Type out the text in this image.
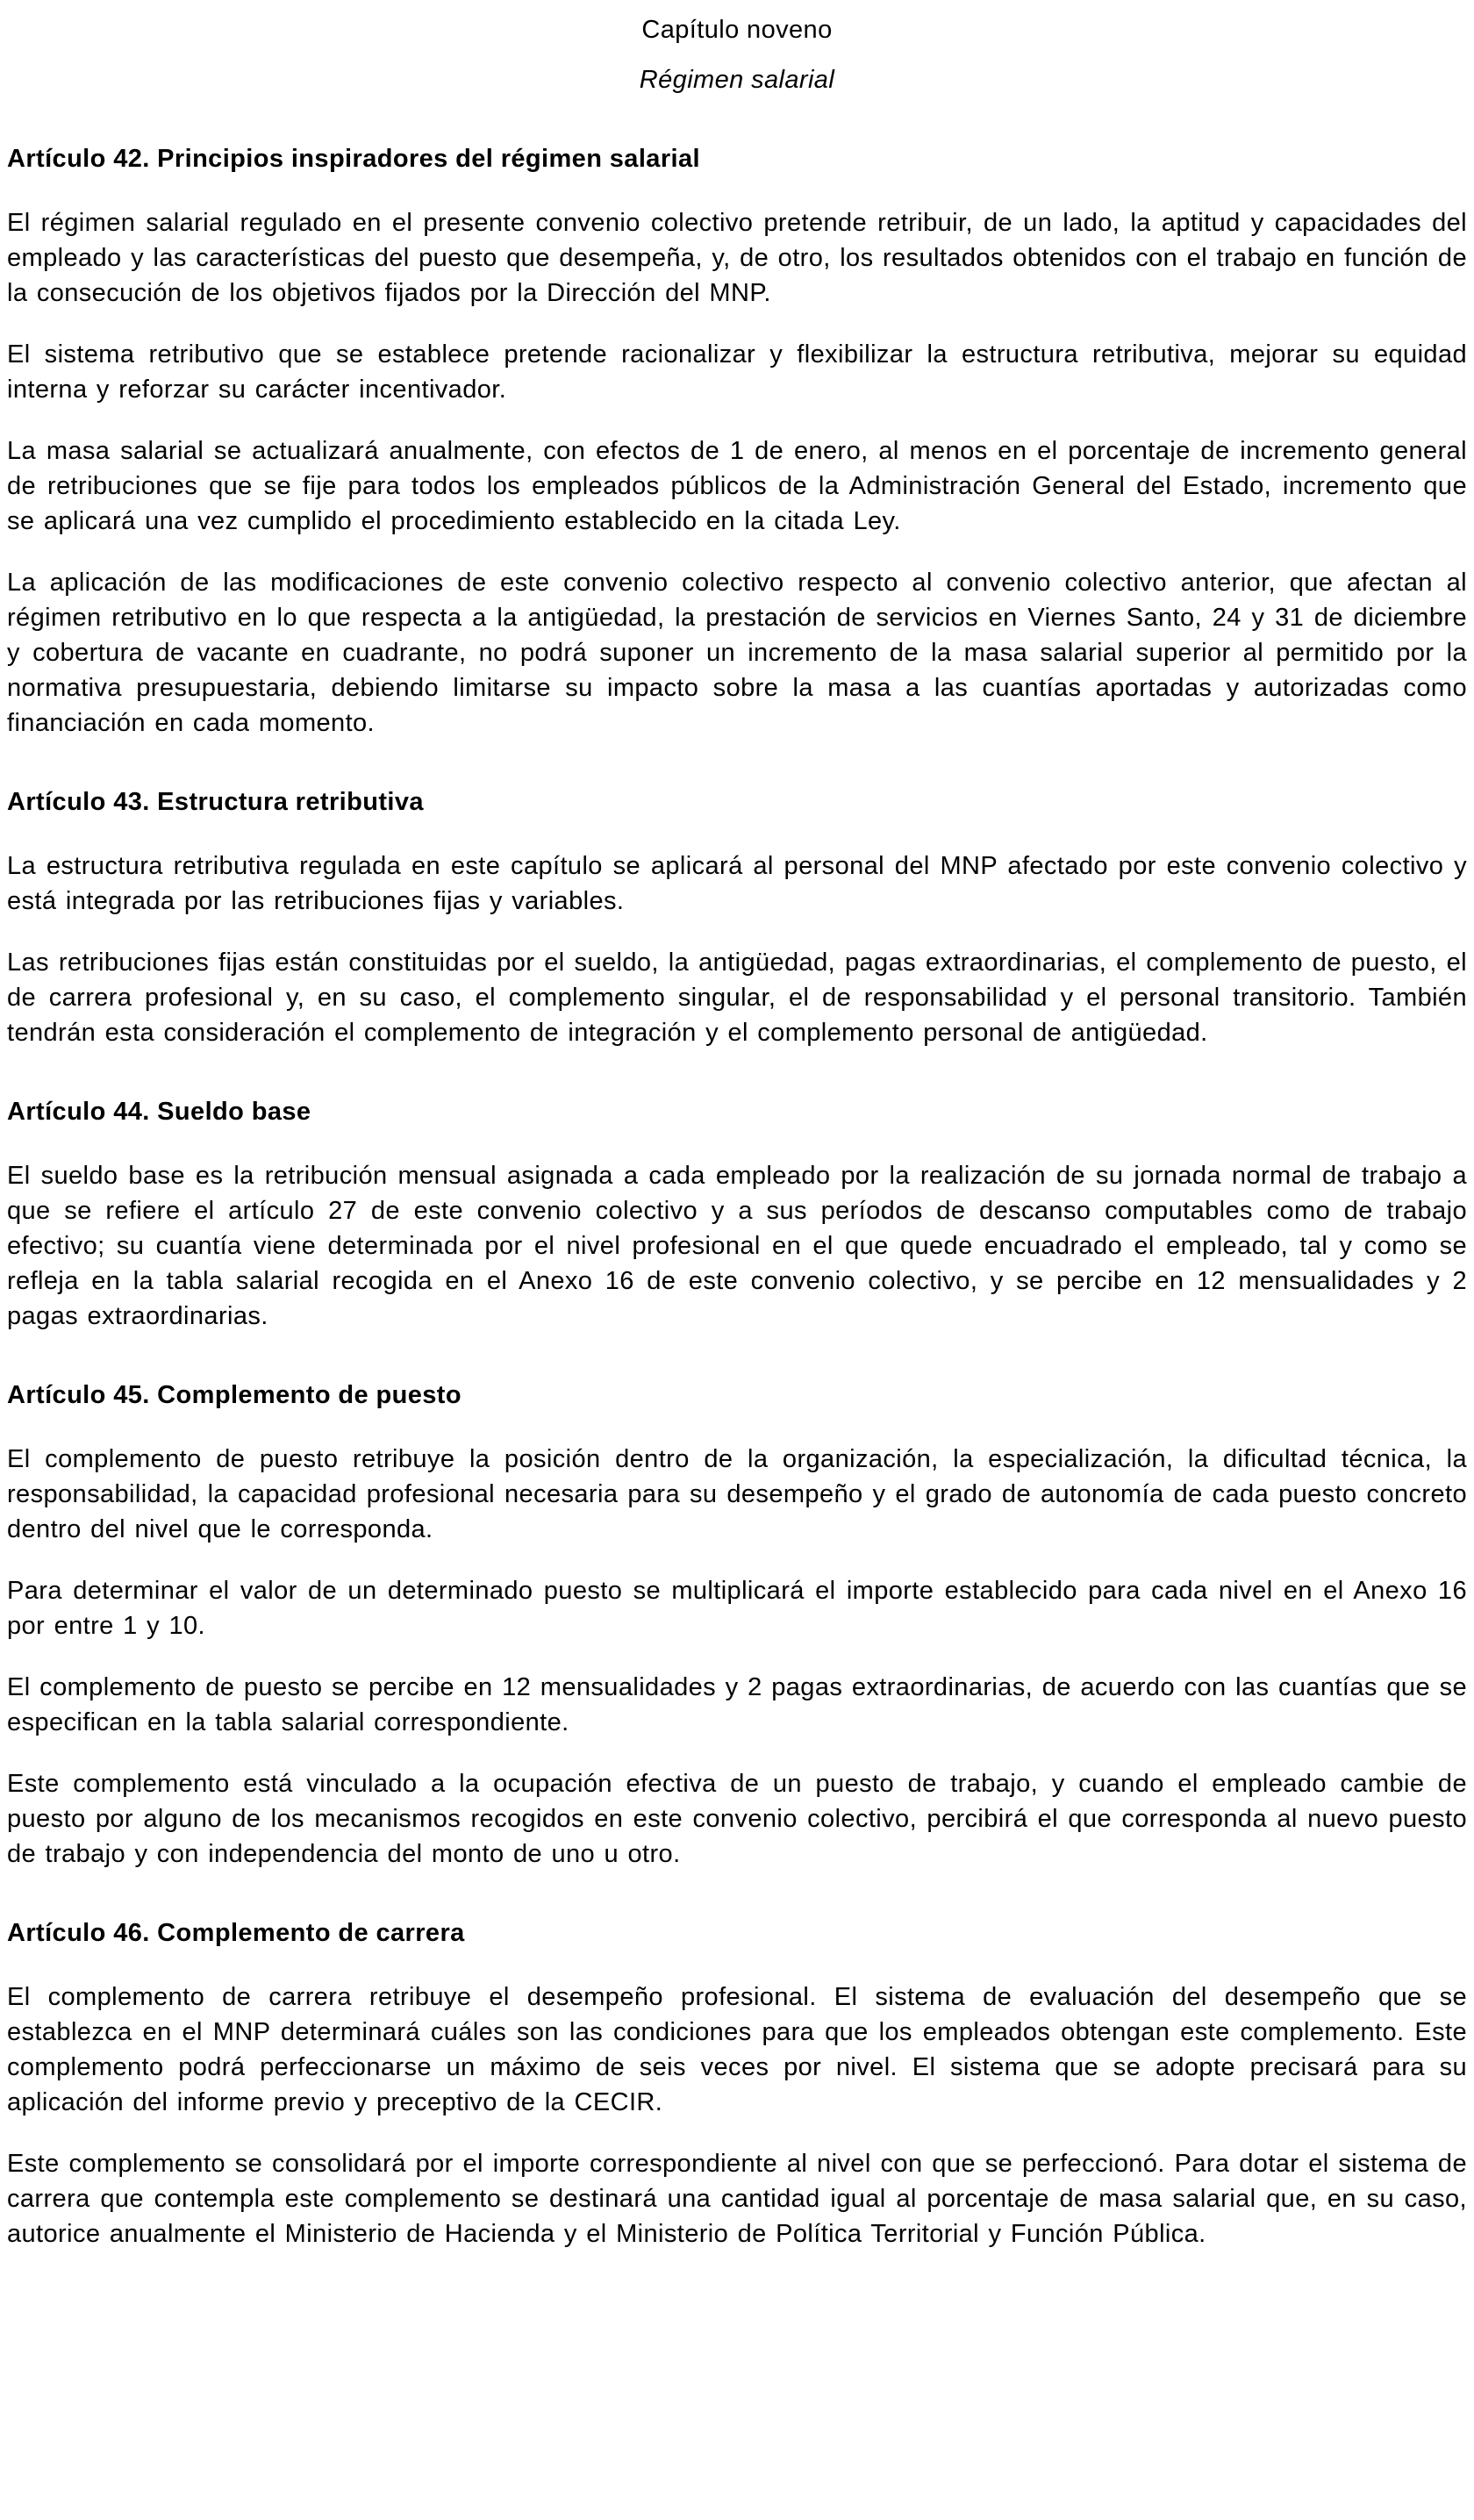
Capítulo noveno

Régimen salarial

Artículo 42. Principios inspiradores del régimen salarial

El régimen salarial regulado en el presente convenio colectivo pretende retribuir, de un lado, la aptitud y capacidades del empleado y las características del puesto que desempeña, y, de otro, los resultados obtenidos con el trabajo en función de la consecución de los objetivos fijados por la Dirección del MNP.

El sistema retributivo que se establece pretende racionalizar y flexibilizar la estructura retributiva, mejorar su equidad interna y reforzar su carácter incentivador.

La masa salarial se actualizará anualmente, con efectos de 1 de enero, al menos en el porcentaje de incremento general de retribuciones que se fije para todos los empleados públicos de la Administración General del Estado, incremento que se aplicará una vez cumplido el procedimiento establecido en la citada Ley.

La aplicación de las modificaciones de este convenio colectivo respecto al convenio colectivo anterior, que afectan al régimen retributivo en lo que respecta a la antigüedad, la prestación de servicios en Viernes Santo, 24 y 31 de diciembre y cobertura de vacante en cuadrante, no podrá suponer un incremento de la masa salarial superior al permitido por la normativa presupuestaria, debiendo limitarse su impacto sobre la masa a las cuantías aportadas y autorizadas como financiación en cada momento.

Artículo 43. Estructura retributiva

La estructura retributiva regulada en este capítulo se aplicará al personal del MNP afectado por este convenio colectivo y está integrada por las retribuciones fijas y variables.

Las retribuciones fijas están constituidas por el sueldo, la antigüedad, pagas extraordinarias, el complemento de puesto, el de carrera profesional y, en su caso, el complemento singular, el de responsabilidad y el personal transitorio. También tendrán esta consideración el complemento de integración y el complemento personal de antigüedad.

Artículo 44. Sueldo base

El sueldo base es la retribución mensual asignada a cada empleado por la realización de su jornada normal de trabajo a que se refiere el artículo 27 de este convenio colectivo y a sus períodos de descanso computables como de trabajo efectivo; su cuantía viene determinada por el nivel profesional en el que quede encuadrado el empleado, tal y como se refleja en la tabla salarial recogida en el Anexo 16 de este convenio colectivo, y se percibe en 12 mensualidades y 2 pagas extraordinarias.

Artículo 45. Complemento de puesto

El complemento de puesto retribuye la posición dentro de la organización, la especialización, la dificultad técnica, la responsabilidad, la capacidad profesional necesaria para su desempeño y el grado de autonomía de cada puesto concreto dentro del nivel que le corresponda.

Para determinar el valor de un determinado puesto se multiplicará el importe establecido para cada nivel en el Anexo 16 por entre 1 y 10.

El complemento de puesto se percibe en 12 mensualidades y 2 pagas extraordinarias, de acuerdo con las cuantías que se especifican en la tabla salarial correspondiente.

Este complemento está vinculado a la ocupación efectiva de un puesto de trabajo, y cuando el empleado cambie de puesto por alguno de los mecanismos recogidos en este convenio colectivo, percibirá el que corresponda al nuevo puesto de trabajo y con independencia del monto de uno u otro.

Artículo 46. Complemento de carrera

El complemento de carrera retribuye el desempeño profesional. El sistema de evaluación del desempeño que se establezca en el MNP determinará cuáles son las condiciones para que los empleados obtengan este complemento. Este complemento podrá perfeccionarse un máximo de seis veces por nivel. El sistema que se adopte precisará para su aplicación del informe previo y preceptivo de la CECIR.

Este complemento se consolidará por el importe correspondiente al nivel con que se perfeccionó. Para dotar el sistema de carrera que contempla este complemento se destinará una cantidad igual al porcentaje de masa salarial que, en su caso, autorice anualmente el Ministerio de Hacienda y el Ministerio de Política Territorial y Función Pública.
